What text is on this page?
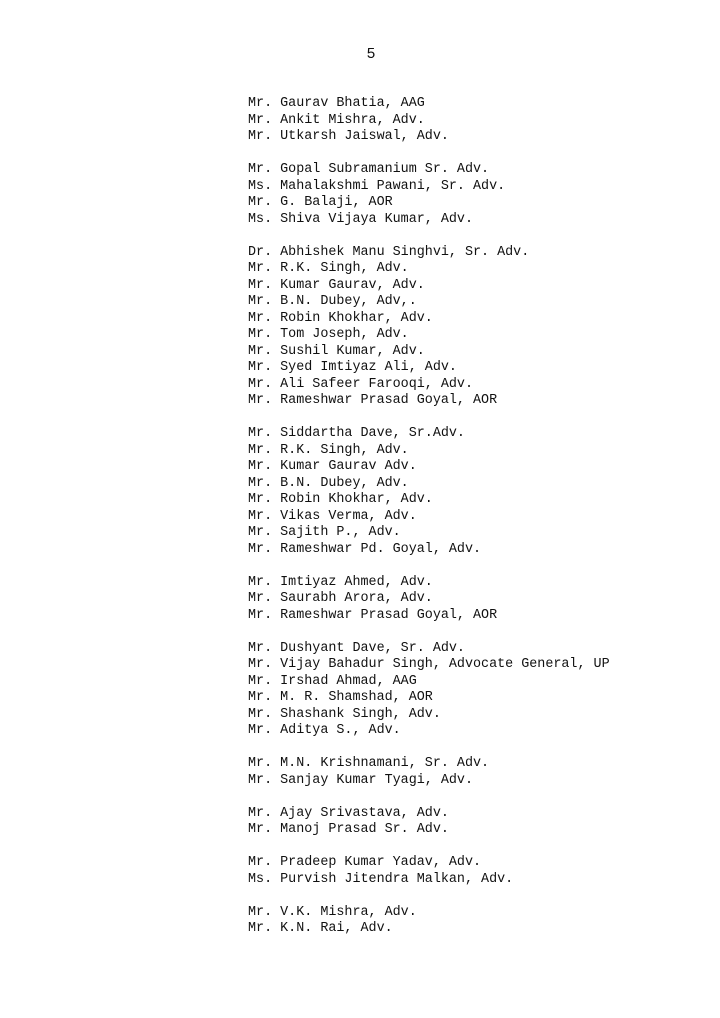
5
Mr. Gaurav Bhatia, AAG
Mr. Ankit Mishra, Adv.
Mr. Utkarsh Jaiswal, Adv.
Mr. Gopal Subramanium Sr. Adv.
Ms. Mahalakshmi Pawani, Sr. Adv.
Mr. G. Balaji, AOR
Ms. Shiva Vijaya Kumar, Adv.
Dr. Abhishek Manu Singhvi, Sr. Adv.
Mr. R.K. Singh, Adv.
Mr. Kumar Gaurav, Adv.
Mr. B.N. Dubey, Adv,.
Mr. Robin Khokhar, Adv.
Mr. Tom Joseph, Adv.
Mr. Sushil Kumar, Adv.
Mr. Syed Imtiyaz Ali, Adv.
Mr. Ali Safeer Farooqi, Adv.
Mr. Rameshwar Prasad Goyal, AOR
Mr. Siddartha Dave, Sr.Adv.
Mr. R.K. Singh, Adv.
Mr. Kumar Gaurav Adv.
Mr. B.N. Dubey, Adv.
Mr. Robin Khokhar, Adv.
Mr. Vikas Verma, Adv.
Mr. Sajith P., Adv.
Mr. Rameshwar Pd. Goyal, Adv.
Mr. Imtiyaz Ahmed, Adv.
Mr. Saurabh Arora, Adv.
Mr. Rameshwar Prasad Goyal, AOR
Mr. Dushyant Dave, Sr. Adv.
Mr. Vijay Bahadur Singh, Advocate General, UP
Mr. Irshad Ahmad, AAG
Mr. M. R. Shamshad, AOR
Mr. Shashank Singh, Adv.
Mr. Aditya S., Adv.
Mr. M.N. Krishnamani, Sr. Adv.
Mr. Sanjay Kumar Tyagi, Adv.
Mr. Ajay Srivastava, Adv.
Mr. Manoj Prasad Sr. Adv.
Mr. Pradeep Kumar Yadav, Adv.
Ms. Purvish Jitendra Malkan, Adv.
Mr. V.K. Mishra, Adv.
Mr. K.N. Rai, Adv.
